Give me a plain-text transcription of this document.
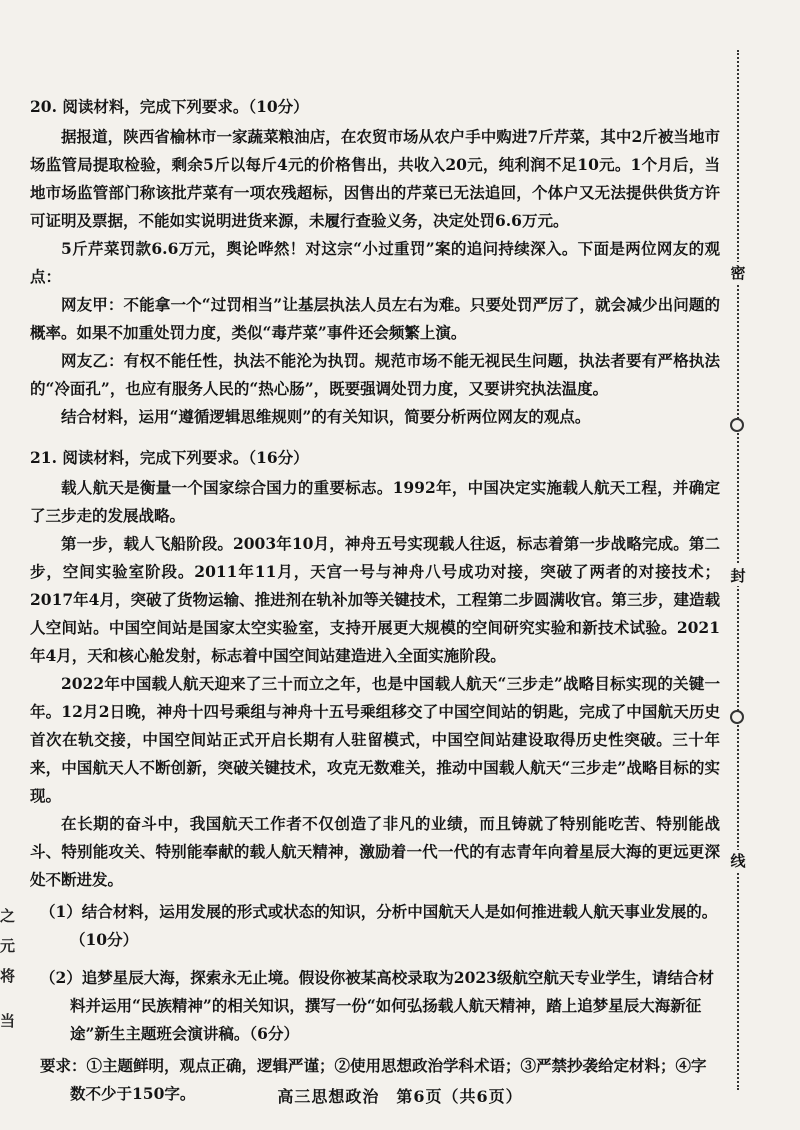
密
封
线
之
元
将
当

20. 阅读材料，完成下列要求。（10分）

据报道，陕西省榆林市一家蔬菜粮油店，在农贸市场从农户手中购进7斤芹菜，其中2斤被当地市场监管局提取检验，剩余5斤以每斤4元的价格售出，共收入20元，纯利润不足10元。1个月后，当地市场监管部门称该批芹菜有一项农残超标，因售出的芹菜已无法追回，个体户又无法提供供货方许可证明及票据，不能如实说明进货来源，未履行查验义务，决定处罚6.6万元。

5斤芹菜罚款6.6万元，舆论哗然！对这宗“小过重罚”案的追问持续深入。下面是两位网友的观点：

网友甲：不能拿一个“过罚相当”让基层执法人员左右为难。只要处罚严厉了，就会减少出问题的概率。如果不加重处罚力度，类似“毒芹菜”事件还会频繁上演。

网友乙：有权不能任性，执法不能沦为执罚。规范市场不能无视民生问题，执法者要有严格执法的“冷面孔”，也应有服务人民的“热心肠”，既要强调处罚力度，又要讲究执法温度。

结合材料，运用“遵循逻辑思维规则”的有关知识，简要分析两位网友的观点。

21. 阅读材料，完成下列要求。（16分）

载人航天是衡量一个国家综合国力的重要标志。1992年，中国决定实施载人航天工程，并确定了三步走的发展战略。

第一步，载人飞船阶段。2003年10月，神舟五号实现载人往返，标志着第一步战略完成。第二步，空间实验室阶段。2011年11月，天宫一号与神舟八号成功对接，突破了两者的对接技术；2017年4月，突破了货物运输、推进剂在轨补加等关键技术，工程第二步圆满收官。第三步，建造载人空间站。中国空间站是国家太空实验室，支持开展更大规模的空间研究实验和新技术试验。2021年4月，天和核心舱发射，标志着中国空间站建造进入全面实施阶段。

2022年中国载人航天迎来了三十而立之年，也是中国载人航天“三步走”战略目标实现的关键一年。12月2日晚，神舟十四号乘组与神舟十五号乘组移交了中国空间站的钥匙，完成了中国航天历史首次在轨交接，中国空间站正式开启长期有人驻留模式，中国空间站建设取得历史性突破。三十年来，中国航天人不断创新，突破关键技术，攻克无数难关，推动中国载人航天“三步走”战略目标的实现。

在长期的奋斗中，我国航天工作者不仅创造了非凡的业绩，而且铸就了特别能吃苦、特别能战斗、特别能攻关、特别能奉献的载人航天精神，激励着一代一代的有志青年向着星辰大海的更远更深处不断进发。

（1）结合材料，运用发展的形式或状态的知识，分析中国航天人是如何推进载人航天事业发展的。（10分）

（2）追梦星辰大海，探索永无止境。假设你被某高校录取为2023级航空航天专业学生，请结合材料并运用“民族精神”的相关知识，撰写一份“如何弘扬载人航天精神，踏上追梦星辰大海新征途”新生主题班会演讲稿。（6分）

要求：①主题鲜明，观点正确，逻辑严谨；②使用思想政治学科术语；③严禁抄袭给定材料；④字数不少于150字。	高三思想政治　第6页（共6页）
